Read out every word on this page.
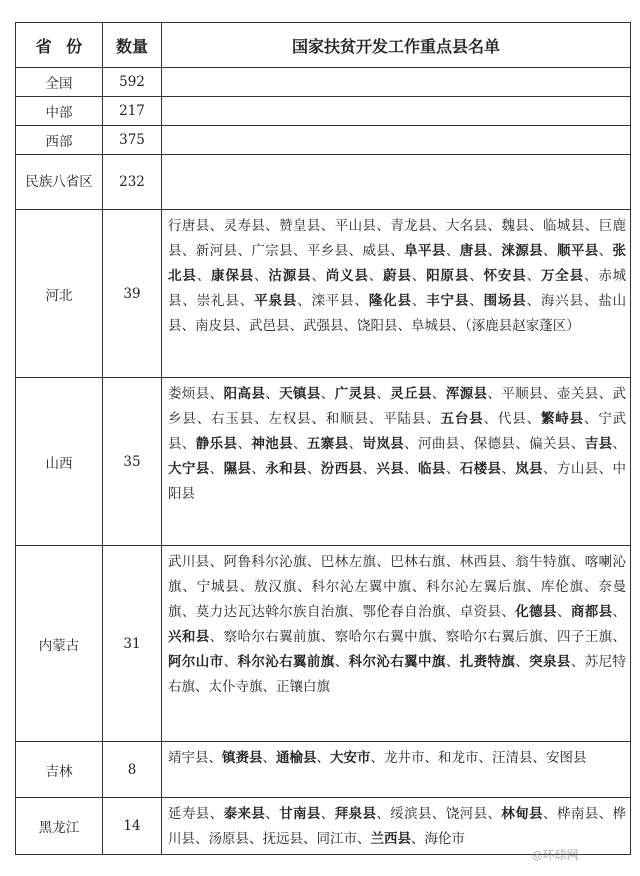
省份	数量	国家扶贫开发工作重点县名单
全国	592	
中部	217	
西部	375	
民族八省区	232	
河北	39	行唐县、灵寿县、赞皇县、平山县、青龙县、大名县、魏县、临城县、巨鹿县、新河县、广宗县、平乡县、威县、阜平县、唐县、涞源县、顺平县、张北县、康保县、沽源县、尚义县、蔚县、阳原县、怀安县、万全县、赤城县、崇礼县、平泉县、滦平县、隆化县、丰宁县、围场县、海兴县、盐山县、南皮县、武邑县、武强县、饶阳县、阜城县、（涿鹿县赵家蓬区）
山西	35	娄烦县、阳高县、天镇县、广灵县、灵丘县、浑源县、平顺县、壶关县、武乡县、右玉县、左权县、和顺县、平陆县、五台县、代县、繁峙县、宁武县、静乐县、神池县、五寨县、岢岚县、河曲县、保德县、偏关县、吉县、大宁县、隰县、永和县、汾西县、兴县、临县、石楼县、岚县、方山县、中阳县
内蒙古	31	武川县、阿鲁科尔沁旗、巴林左旗、巴林右旗、林西县、翁牛特旗、喀喇沁旗、宁城县、敖汉旗、科尔沁左翼中旗、科尔沁左翼后旗、库伦旗、奈曼旗、莫力达瓦达斡尔族自治旗、鄂伦春自治旗、卓资县、化德县、商都县、兴和县、察哈尔右翼前旗、察哈尔右翼中旗、察哈尔右翼后旗、四子王旗、阿尔山市、科尔沁右翼前旗、科尔沁右翼中旗、扎赉特旗、突泉县、苏尼特右旗、太仆寺旗、正镶白旗
吉林	8	靖宇县、镇赉县、通榆县、大安市、龙井市、和龙市、汪清县、安图县
黑龙江	14	延寿县、泰来县、甘南县、拜泉县、绥滨县、饶河县、林甸县、桦南县、桦川县、汤原县、抚远县、同江市、兰西县、海伦市
◎环球网
